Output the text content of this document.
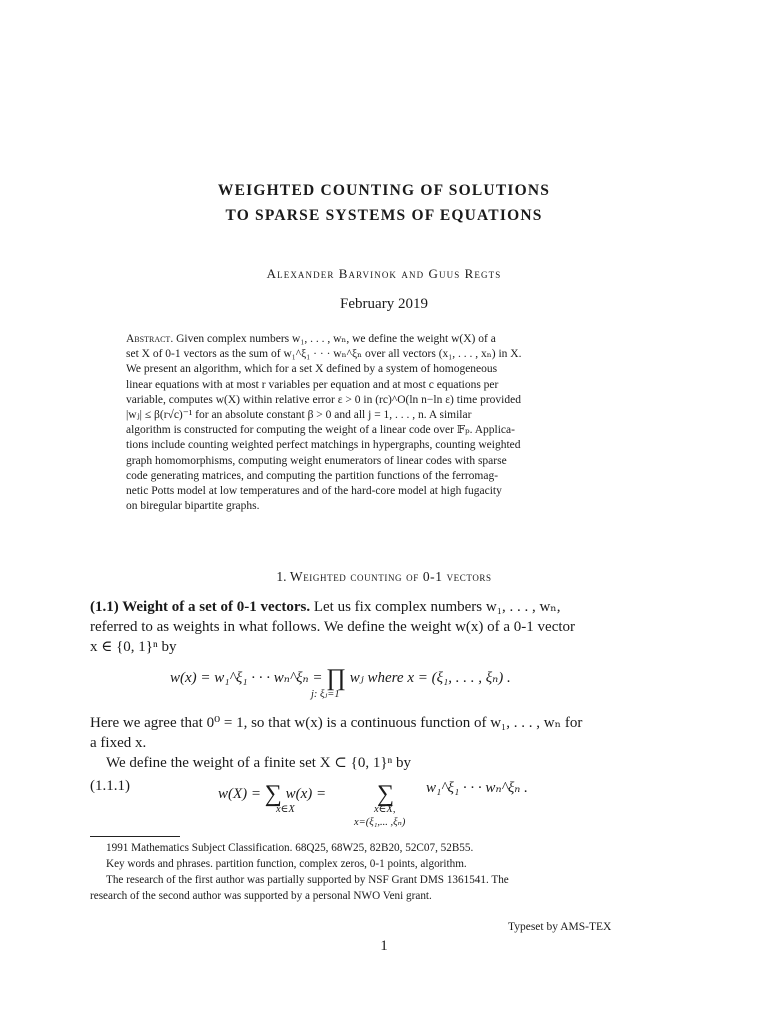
WEIGHTED COUNTING OF SOLUTIONS
TO SPARSE SYSTEMS OF EQUATIONS
Alexander Barvinok and Guus Regts
February 2019
Abstract. Given complex numbers w₁, . . . , wₙ, we define the weight w(X) of a
set X of 0-1 vectors as the sum of w₁^ξ₁ · · · wₙ^ξₙ over all vectors (x₁, . . . , xₙ) in X.
We present an algorithm, which for a set X defined by a system of homogeneous
linear equations with at most r variables per equation and at most c equations per
variable, computes w(X) within relative error ε > 0 in (rc)^O(ln n−ln ε) time provided
|wⱼ| ≤ β(r√c)⁻¹ for an absolute constant β > 0 and all j = 1, . . . , n. A similar
algorithm is constructed for computing the weight of a linear code over 𝔽ₚ. Applica-
tions include counting weighted perfect matchings in hypergraphs, counting weighted
graph homomorphisms, computing weight enumerators of linear codes with sparse
code generating matrices, and computing the partition functions of the ferromag-
netic Potts model at low temperatures and of the hard-core model at high fugacity
on biregular bipartite graphs.
1. Weighted counting of 0-1 vectors
(1.1) Weight of a set of 0-1 vectors. Let us fix complex numbers w₁, . . . , wₙ,
referred to as weights in what follows. We define the weight w(x) of a 0-1 vector
x ∈ {0, 1}ⁿ by
w(x) = w₁^ξ₁ · · · wₙ^ξₙ = ∏ wⱼ where x = (ξ₁, . . . , ξₙ) .
j: ξⱼ=1
Here we agree that 0⁰ = 1, so that w(x) is a continuous function of w₁, . . . , wₙ for
a fixed x.
We define the weight of a finite set X ⊂ {0, 1}ⁿ by
(1.1.1)	w(X) = ∑ w(x) =
x∈X
∑
x∈X,
x=(ξ₁,... ,ξₙ)
w₁^ξ₁ · · · wₙ^ξₙ .
1991 Mathematics Subject Classification. 68Q25, 68W25, 82B20, 52C07, 52B55.
Key words and phrases. partition function, complex zeros, 0-1 points, algorithm.
The research of the first author was partially supported by NSF Grant DMS 1361541. The
research of the second author was supported by a personal NWO Veni grant.
Typeset by AMS-TEX
1
